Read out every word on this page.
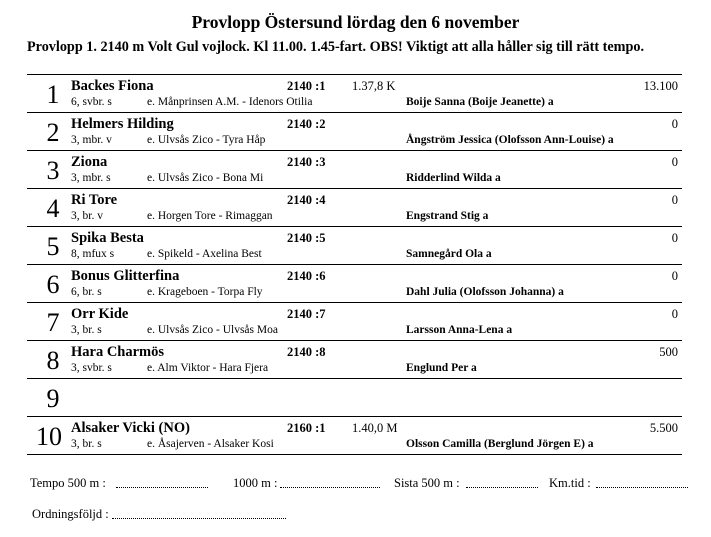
Provlopp Östersund lördag den 6 november
Provlopp 1. 2140 m Volt Gul vojlock. Kl 11.00. 1.45-fart. OBS! Viktigt att alla håller sig till rätt tempo.
1 Backes Fiona
6, svbr. s	e. Månprinsen A.M. - Idenors Otilia
2140 :1 1.37,8 K
Boije Sanna (Boije Jeanette) a
13.100
2 Helmers Hilding
3, mbr. v	e. Ulvsås Zico - Tyra Håp
2140 :2
Ångström Jessica (Olofsson Ann-Louise) a
0
3 Ziona
3, mbr. s	e. Ulvsås Zico - Bona Mi
2140 :3
Ridderlind Wilda a
0
4 Ri Tore
3, br. v	e. Horgen Tore - Rimaggan
2140 :4
Engstrand Stig a
0
5 Spika Besta
8, mfux s	e. Spikeld - Axelina Best
2140 :5
Samnegård Ola a
0
6 Bonus Glitterfina
6, br. s	e. Krageboen - Torpa Fly
2140 :6
Dahl Julia (Olofsson Johanna) a
0
7 Orr Kide
3, br. s	e. Ulvsås Zico - Ulvsås Moa
2140 :7
Larsson Anna-Lena a
0
8 Hara Charmös
3, svbr. s	e. Alm Viktor - Hara Fjera
2140 :8
Englund Per a
500
9
10 Alsaker Vicki (NO)
3, br. s	e. Åsajerven - Alsaker Kosi
2160 :1 1.40,0 M
Olsson Camilla (Berglund Jörgen E) a
5.500
Tempo 500 m :	1000 m :	Sista 500 m :	Km.tid :
Ordningsföljd :
